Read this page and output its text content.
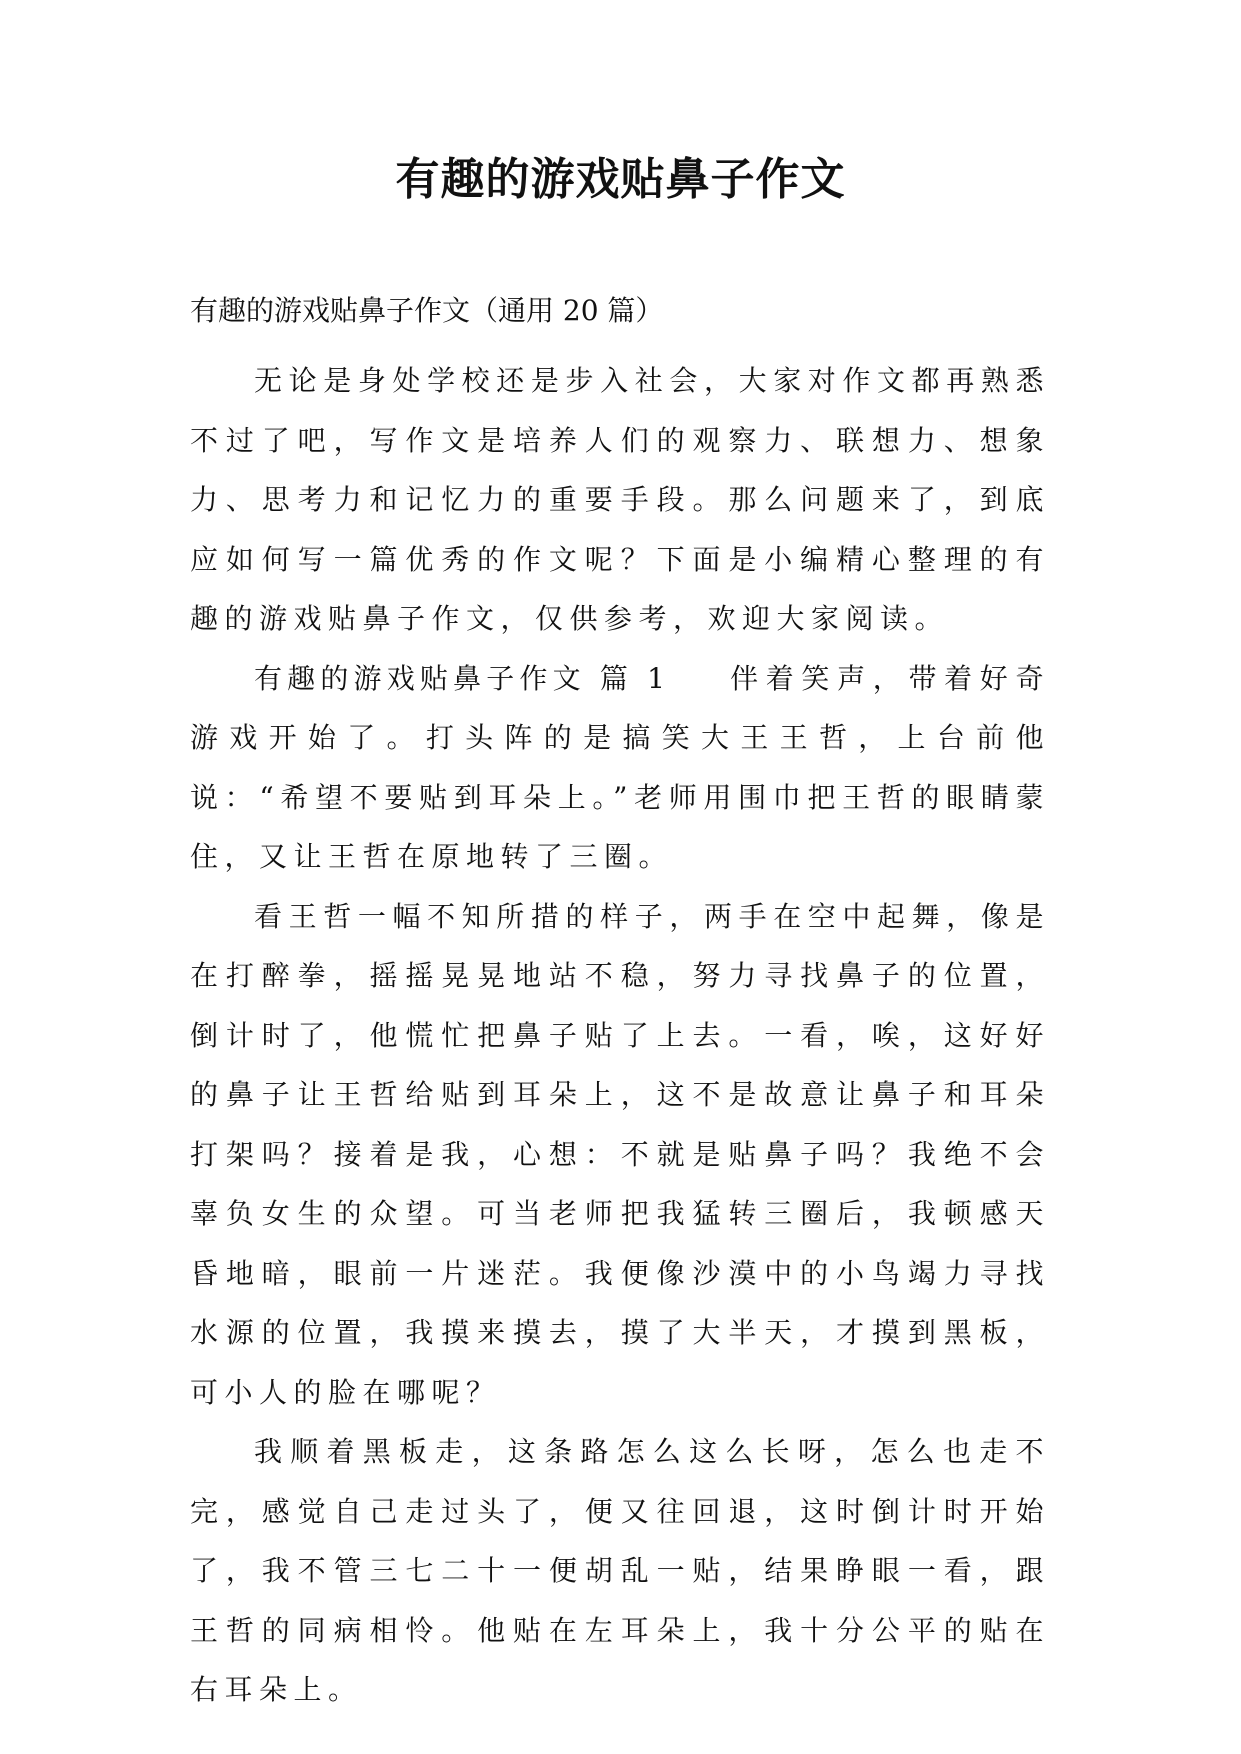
有趣的游戏贴鼻子作文
有趣的游戏贴鼻子作文（通用 20 篇）

无论是身处学校还是步入社会，大家对作文都再熟悉不过了吧，写作文是培养人们的观察力、联想力、想象力、思考力和记忆力的重要手段。那么问题来了，到底应如何写一篇优秀的作文呢？下面是小编精心整理的有趣的游戏贴鼻子作文，仅供参考，欢迎大家阅读。

有趣的游戏贴鼻子作文 篇 1 伴着笑声，带着好奇游戏开始了。打头阵的是搞笑大王王哲，上台前他说：“希望不要贴到耳朵上。”老师用围巾把王哲的眼睛蒙住，又让王哲在原地转了三圈。

看王哲一幅不知所措的样子，两手在空中起舞，像是在打醉拳，摇摇晃晃地站不稳，努力寻找鼻子的位置，倒计时了，他慌忙把鼻子贴了上去。一看，唉，这好好的鼻子让王哲给贴到耳朵上，这不是故意让鼻子和耳朵打架吗？接着是我，心想：不就是贴鼻子吗？我绝不会辜负女生的众望。可当老师把我猛转三圈后，我顿感天昏地暗，眼前一片迷茫。我便像沙漠中的小鸟竭力寻找水源的位置，我摸来摸去，摸了大半天，才摸到黑板，可小人的脸在哪呢？

我顺着黑板走，这条路怎么这么长呀，怎么也走不完，感觉自己走过头了，便又往回退，这时倒计时开始了，我不管三七二十一便胡乱一贴，结果睁眼一看，跟王哲的同病相怜。他贴在左耳朵上，我十分公平的贴在右耳朵上。
